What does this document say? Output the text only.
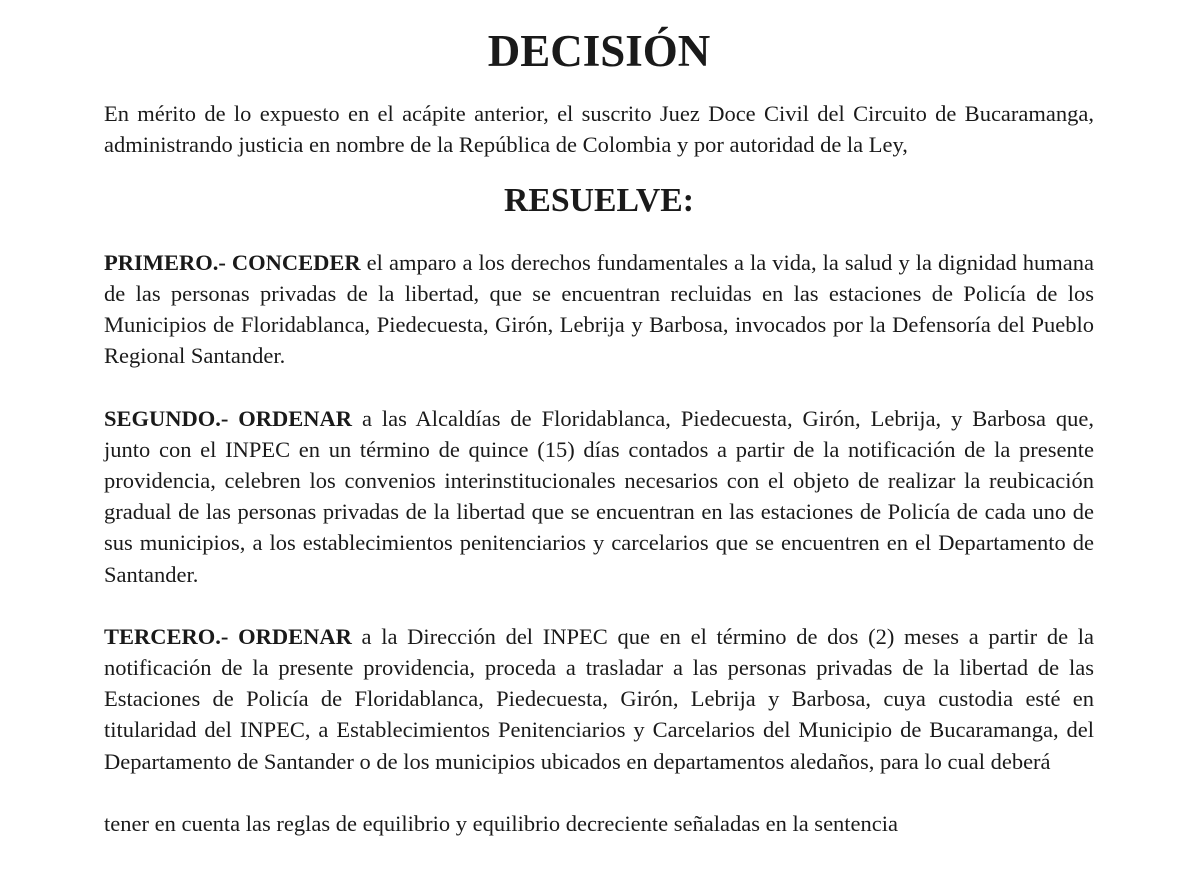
DECISIÓN

En mérito de lo expuesto en el acápite anterior, el suscrito Juez Doce Civil del Circuito de Bucaramanga, administrando justicia en nombre de la República de Colombia y por autoridad de la Ley,

RESUELVE:

PRIMERO.- CONCEDER el amparo a los derechos fundamentales a la vida, la salud y la dignidad humana de las personas privadas de la libertad, que se encuentran recluidas en las estaciones de Policía de los Municipios de Floridablanca, Piedecuesta, Girón, Lebrija y Barbosa, invocados por la Defensoría del Pueblo Regional Santander.

SEGUNDO.- ORDENAR a las Alcaldías de Floridablanca, Piedecuesta, Girón, Lebrija, y Barbosa que, junto con el INPEC en un término de quince (15) días contados a partir de la notificación de la presente providencia, celebren los convenios interinstitucionales necesarios con el objeto de realizar la reubicación gradual de las personas privadas de la libertad que se encuentran en las estaciones de Policía de cada uno de sus municipios, a los establecimientos penitenciarios y carcelarios que se encuentren en el Departamento de Santander.

TERCERO.- ORDENAR a la Dirección del INPEC que en el término de dos (2) meses a partir de la notificación de la presente providencia, proceda a trasladar a las personas privadas de la libertad de las Estaciones de Policía de Floridablanca, Piedecuesta, Girón, Lebrija y Barbosa, cuya custodia esté en titularidad del INPEC, a Establecimientos Penitenciarios y Carcelarios del Municipio de Bucaramanga, del Departamento de Santander o de los municipios ubicados en departamentos aledaños, para lo cual deberá

tener en cuenta las reglas de equilibrio y equilibrio decreciente señaladas en la sentencia
